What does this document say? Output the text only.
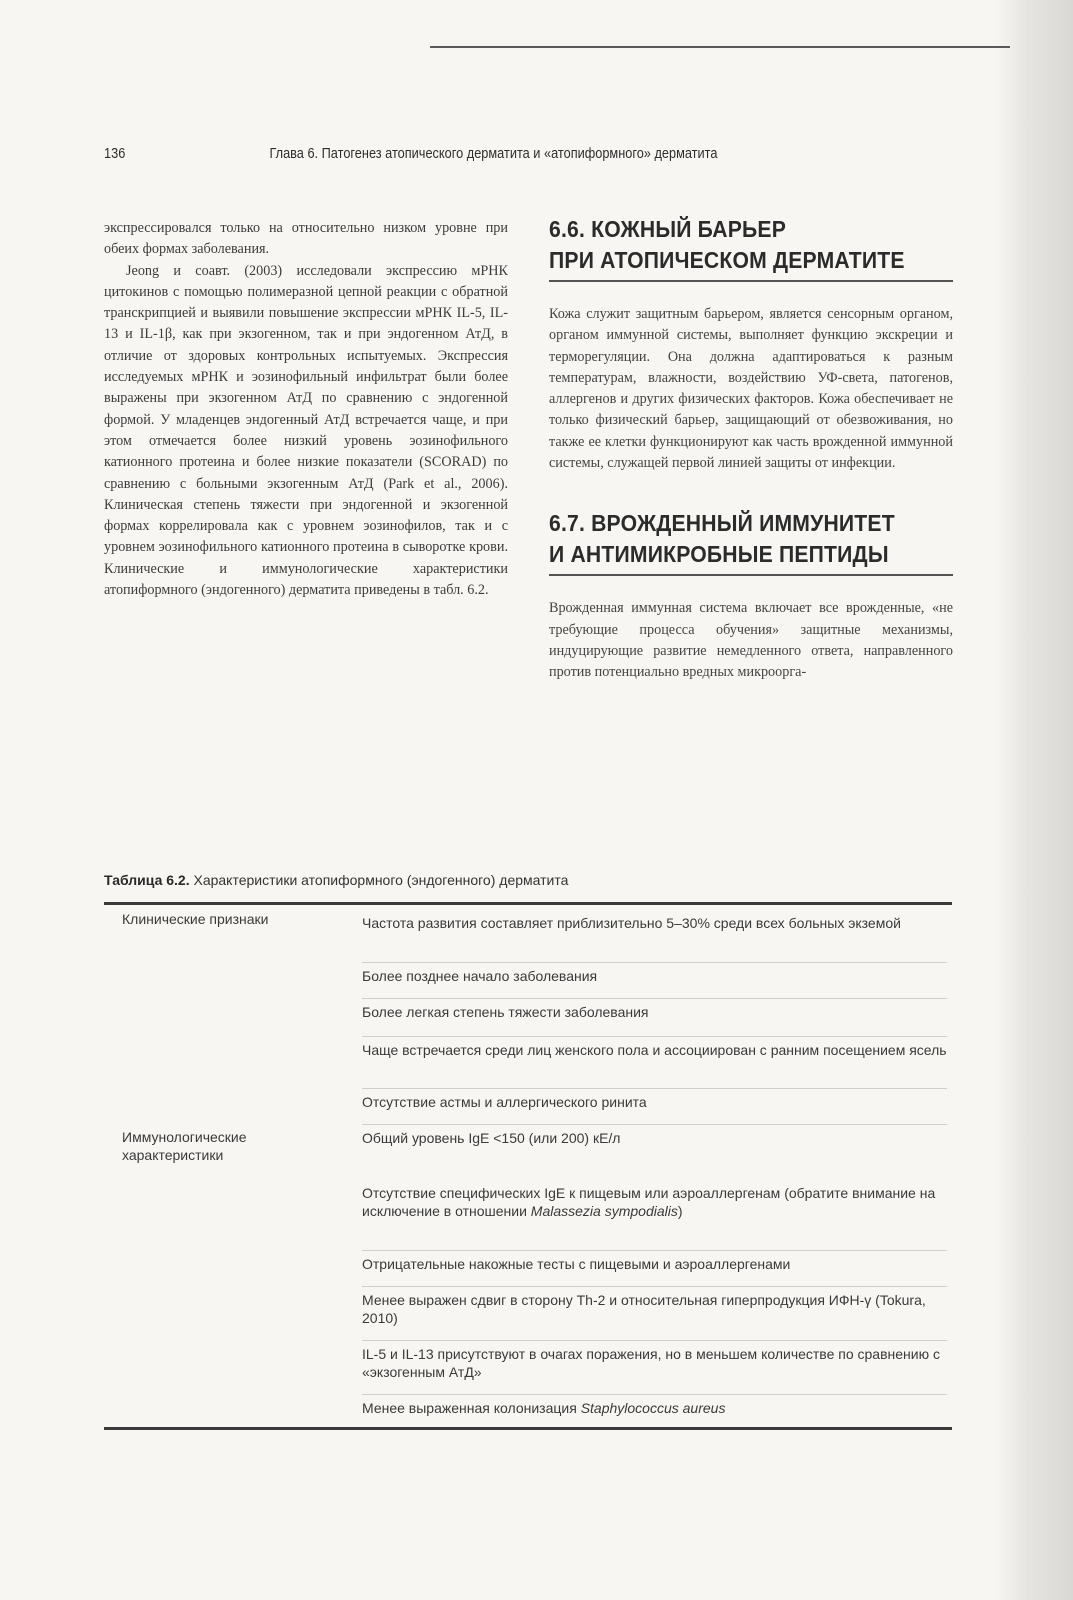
136	Глава 6. Патогенез атопического дерматита и «атопиформного» дерматита

экспрессировался только на относительно низком уровне при обеих формах заболевания.

Jeong и соавт. (2003) исследовали экспрессию мРНК цитокинов с помощью полимеразной цепной реакции с обратной транскрипцией и выявили повышение экспрессии мРНК IL-5, IL-13 и IL-1β, как при экзогенном, так и при эндогенном АтД, в отличие от здоровых контрольных испытуемых. Экспрессия исследуемых мРНК и эозинофильный инфильтрат были более выражены при экзогенном АтД по сравнению с эндогенной формой. У младенцев эндогенный АтД встречается чаще, и при этом отмечается более низкий уровень эозинофильного катионного протеина и более низкие показатели (SCORAD) по сравнению с больными экзогенным АтД (Park et al., 2006). Клиническая степень тяжести при эндогенной и экзогенной формах коррелировала как с уровнем эозинофилов, так и с уровнем эозинофильного катионного протеина в сыворотке крови. Клинические и иммунологические характеристики атопиформного (эндогенного) дерматита приведены в табл. 6.2.

6.6. КОЖНЫЙ БАРЬЕР
ПРИ АТОПИЧЕСКОМ ДЕРМАТИТЕ

Кожа служит защитным барьером, является сенсорным органом, органом иммунной системы, выполняет функцию экскреции и терморегуляции. Она должна адаптироваться к разным температурам, влажности, воздействию УФ-света, патогенов, аллергенов и других физических факторов. Кожа обеспечивает не только физический барьер, защищающий от обезвоживания, но также ее клетки функционируют как часть врожденной иммунной системы, служащей первой линией защиты от инфекции.

6.7. ВРОЖДЕННЫЙ ИММУНИТЕТ
И АНТИМИКРОБНЫЕ ПЕПТИДЫ

Врожденная иммунная система включает все врожденные, «не требующие процесса обучения» защитные механизмы, индуцирующие развитие немедленного ответа, направленного против потенциально вредных микроорга-

Таблица 6.2. Характеристики атопиформного (эндогенного) дерматита
Клинические признаки	Частота развития составляет приблизительно 5–30% среди всех больных экземой
Более позднее начало заболевания
Более легкая степень тяжести заболевания
Чаще встречается среди лиц женского пола и ассоциирован с ранним посещением ясель
Отсутствие астмы и аллергического ринита
Иммунологические характеристики
Общий уровень IgE <150 (или 200) кЕ/л
Отсутствие специфических IgE к пищевым или аэроаллергенам (обратите внимание на исключение в отношении Malassezia sympodialis)
Отрицательные накожные тесты с пищевыми и аэроаллергенами
Менее выражен сдвиг в сторону Th-2 и относительная гиперпродукция ИФН-γ (Tokura, 2010)
IL-5 и IL-13 присутствуют в очагах поражения, но в меньшем количестве по сравнению с «экзогенным АтД»
Менее выраженная колонизация Staphylococcus aureus
